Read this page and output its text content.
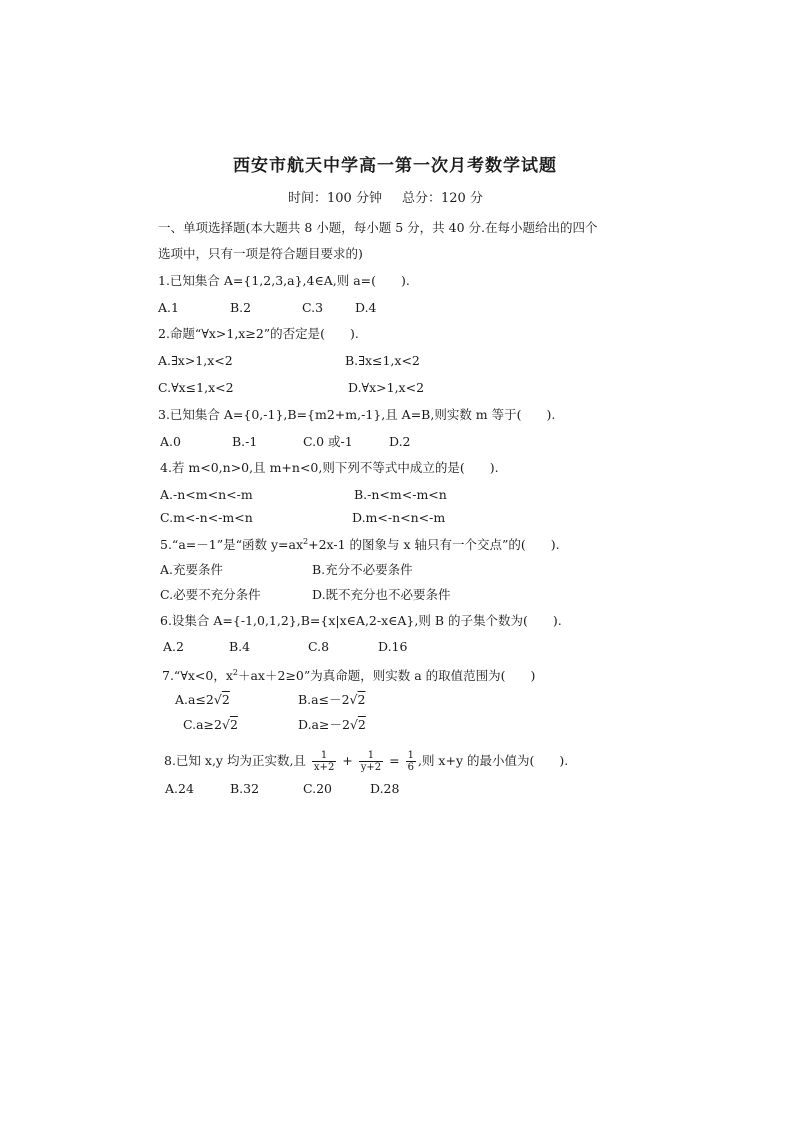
西安市航天中学高一第一次月考数学试题
时间：100 分钟 总分：120 分
一、单项选择题(本大题共 8 小题，每小题 5 分，共 40 分.在每小题给出的四个
选项中，只有一项是符合题目要求的)
1.已知集合 A={1,2,3,a},4∈A,则 a=(　　).
A.1	B.2	C.3	D.4
2.命题“∀x>1,x≥2”的否定是(　　).
A.∃x>1,x<2	B.∃x≤1,x<2
C.∀x≤1,x<2	D.∀x>1,x<2
3.已知集合 A={0,-1},B={m2+m,-1},且 A=B,则实数 m 等于(　　).
A.0	B.-1	C.0 或-1	D.2
4.若 m<0,n>0,且 m+n<0,则下列不等式中成立的是(　　).
A.-n<m<n<-m	B.-n<m<-m<n
C.m<-n<-m<n	D.m<-n<n<-m
5.“a=－1”是“函数 $y=ax^2+2x-1$ 的图象与 x 轴只有一个交点”的(　　).
A.充要条件	B.充分不必要条件
C.必要不充分条件	D.既不充分也不必要条件
6.设集合 A={-1,0,1,2},B={x|x∈A,2-x∈A},则 B 的子集个数为(　　).
A.2	B.4	C.8	D.16
7.“∀x<0，$x^2+ax+2\ge 0$”为真命题，则实数 a 的取值范围为(　　)
A.a≤2√2	B.a≤－2√2
C.a≥2√2	D.a≥－2√2
8.已知 x,y 均为正实数,且 $\frac{1}{x+2} + \frac{1}{y+2} = \frac{1}{6}$ ,则 x+y 的最小值为(　　).
A.24	B.32	C.20	D.28
